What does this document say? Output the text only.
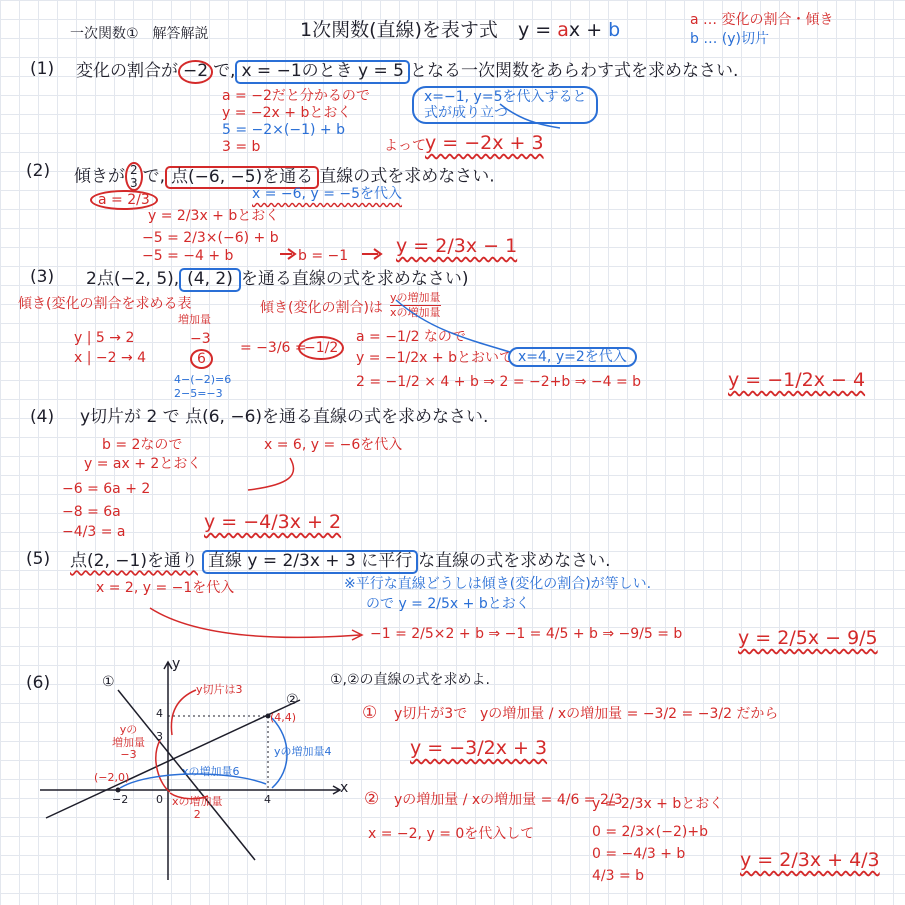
一次関数①　解答解説	1次関数(直線)を表す式 y = ax + b	a … 変化の割合・傾き
b … (y)切片
(1) 変化の割合が −2 で, x = −1のとき y = 5 となる一次関数をあらわす式を求めなさい.
a = −2だと分かるので
y = −2x + bとおく
5 = −2×(−1) + b
3 = b
x=−1, y=5を代入すると
式が成り立つ
よって y = −2x + 3
(2) 傾きが 2
3 で, 点(−6, −5)を通る 直線の式を求めなさい.
a = 2/3	x = −6, y = −5を代入
y = 2/3x + bとおく
−5 = 2/3×(−6) + b
−5 = −4 + b	b = −1	y = 2/3x − 1
(3) 2点(−2, 5), (4, 2) を通る直線の式を求めなさい)
傾き(変化の割合を求める表	傾き(変化の割合)は
yの増加量
xの増加量
増加量
y | 5 → 2
x | −2 → 4
−3
6
4−(−2)=6
2−5=−3
= −3/6 =
−1/2
a = −1/2 なので
y = −1/2x + bとおいて x=4, y=2を代入
2 = −1/2 × 4 + b ⇒ 2 = −2+b ⇒ −4 = b	y = −1/2x − 4
(4) y切片が 2 で 点(6, −6)を通る直線の式を求めなさい.
b = 2なので	x = 6, y = −6を代入
y = ax + 2とおく
−6 = 6a + 2
−8 = 6a
−4/3 = a	y = −4/3x + 2
(5) 点(2, −1)を通り 直線 y = 2/3x + 3 に平行 な直線の式を求めなさい.
x = 2, y = −1を代入	※平行な直線どうしは傾き(変化の割合)が等しい.
ので y = 2/5x + bとおく
−1 = 2/5×2 + b ⇒ −1 = 4/5 + b ⇒ −9/5 = b	y = 2/5x − 9/5
(6)	①,②の直線の式を求めよ.
①
②
y
x
4
3
0
−2	4
(4,4)
(−2,0)
y切片は3
yの
増加量
−3
xの増加量
2
xの増加量6
yの増加量4
① y切片が3で yの増加量 / xの増加量 = −3/2 = −3/2 だから
y = −3/2x + 3
② yの増加量 / xの増加量 = 4/6 = 2/3
x = −2, y = 0を代入して
y = 2/3x + bとおく
0 = 2/3×(−2)+b
0 = −4/3 + b
4/3 = b
y = 2/3x + 4/3
